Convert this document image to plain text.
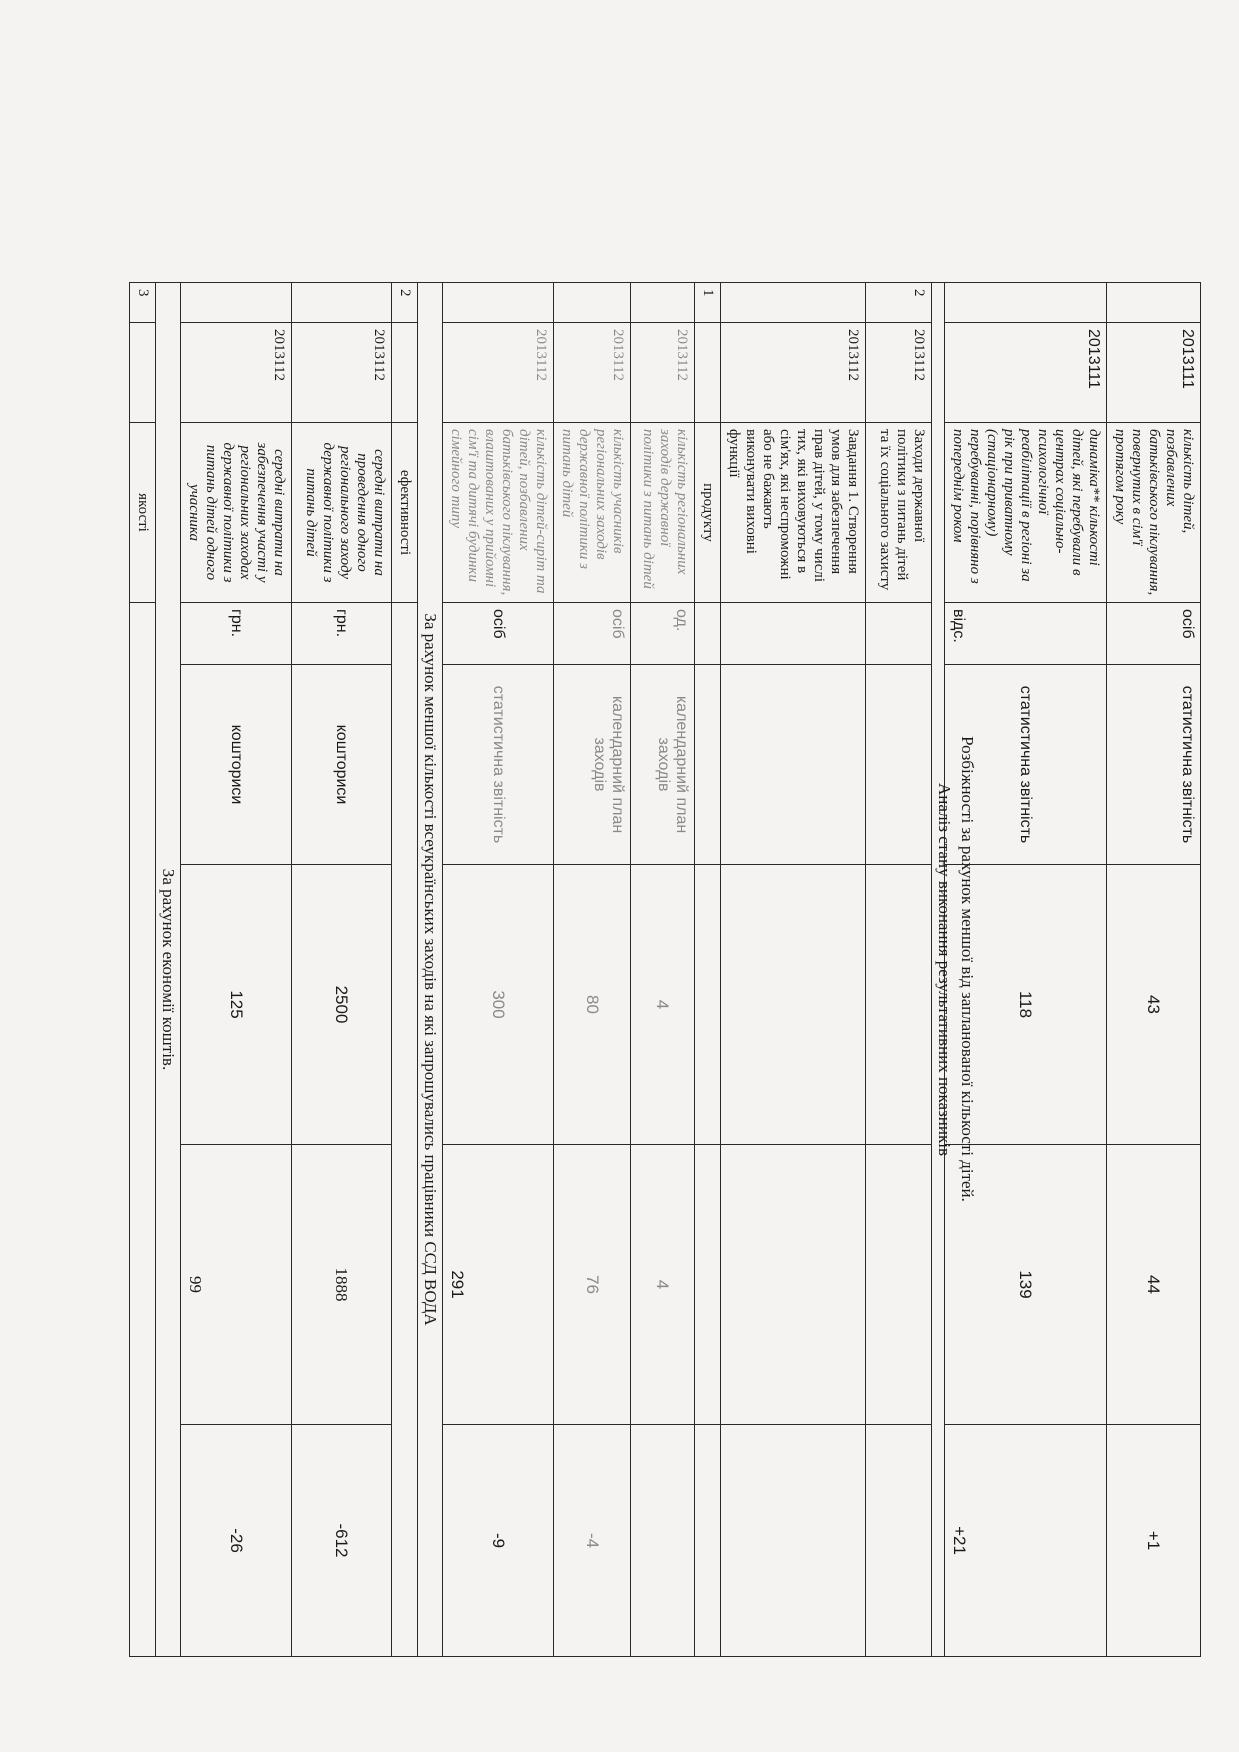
	2013111	кількість дітей, позбавлених батьківського піклування, повернутих в сім'ї протягом року	осіб	статистична звітність	43	44	+1
	2013111	динаміка** кількості дітей, які перебували в центрах соціально-психологічної реабілітації в регіоні за рік при приватному (стаціонарному) перебуванні, порівняно з попереднім роком	відс.	статистична звітність	118	139	+21
Розбіжності за рахунок меншої від запланованої кількості дітей.
Аналіз стану виконання результативних показників							
2	2013112	Заходи державної політики з питань дітей та їх соціального захисту					
	2013112	Завдання 1. Створення умов для забезпечення прав дітей, у тому числі тих, які виховуються в сім'ях, які неспроможні або не бажають виконувати виховні функції					
1		продукту					
	2013112	кількість регіональних заходів державної політики з питань дітей	од.	календарний план заходів	4	4	
	2013112	кількість учасників регіональних заходів державної політики з питань дітей	осіб	календарний план заходів	80	76	-4
	2013112	кількість дітей-сиріт та дітей, позбавлених батьківського піклування, влаштованих у прийомні сім'ї та дитячі будинки сімейного типу	осіб	статистична звітність	300	291	-9
За рахунок меншої кількості всеукраїнських заходів на які запрошувались працівники ССД ВОДА							
2		ефективності					
	2013112	середні витрати на проведення одного регіонального заходу державної політики з питань дітей	грн.	кошториси	2500	1888	-612
	2013112	середні витрати на забезпечення участі у регіональних заходах державної політики з питань дітей одного учасника	грн.	кошториси	125	99	-26
За рахунок економії коштів.							
3		якості					
